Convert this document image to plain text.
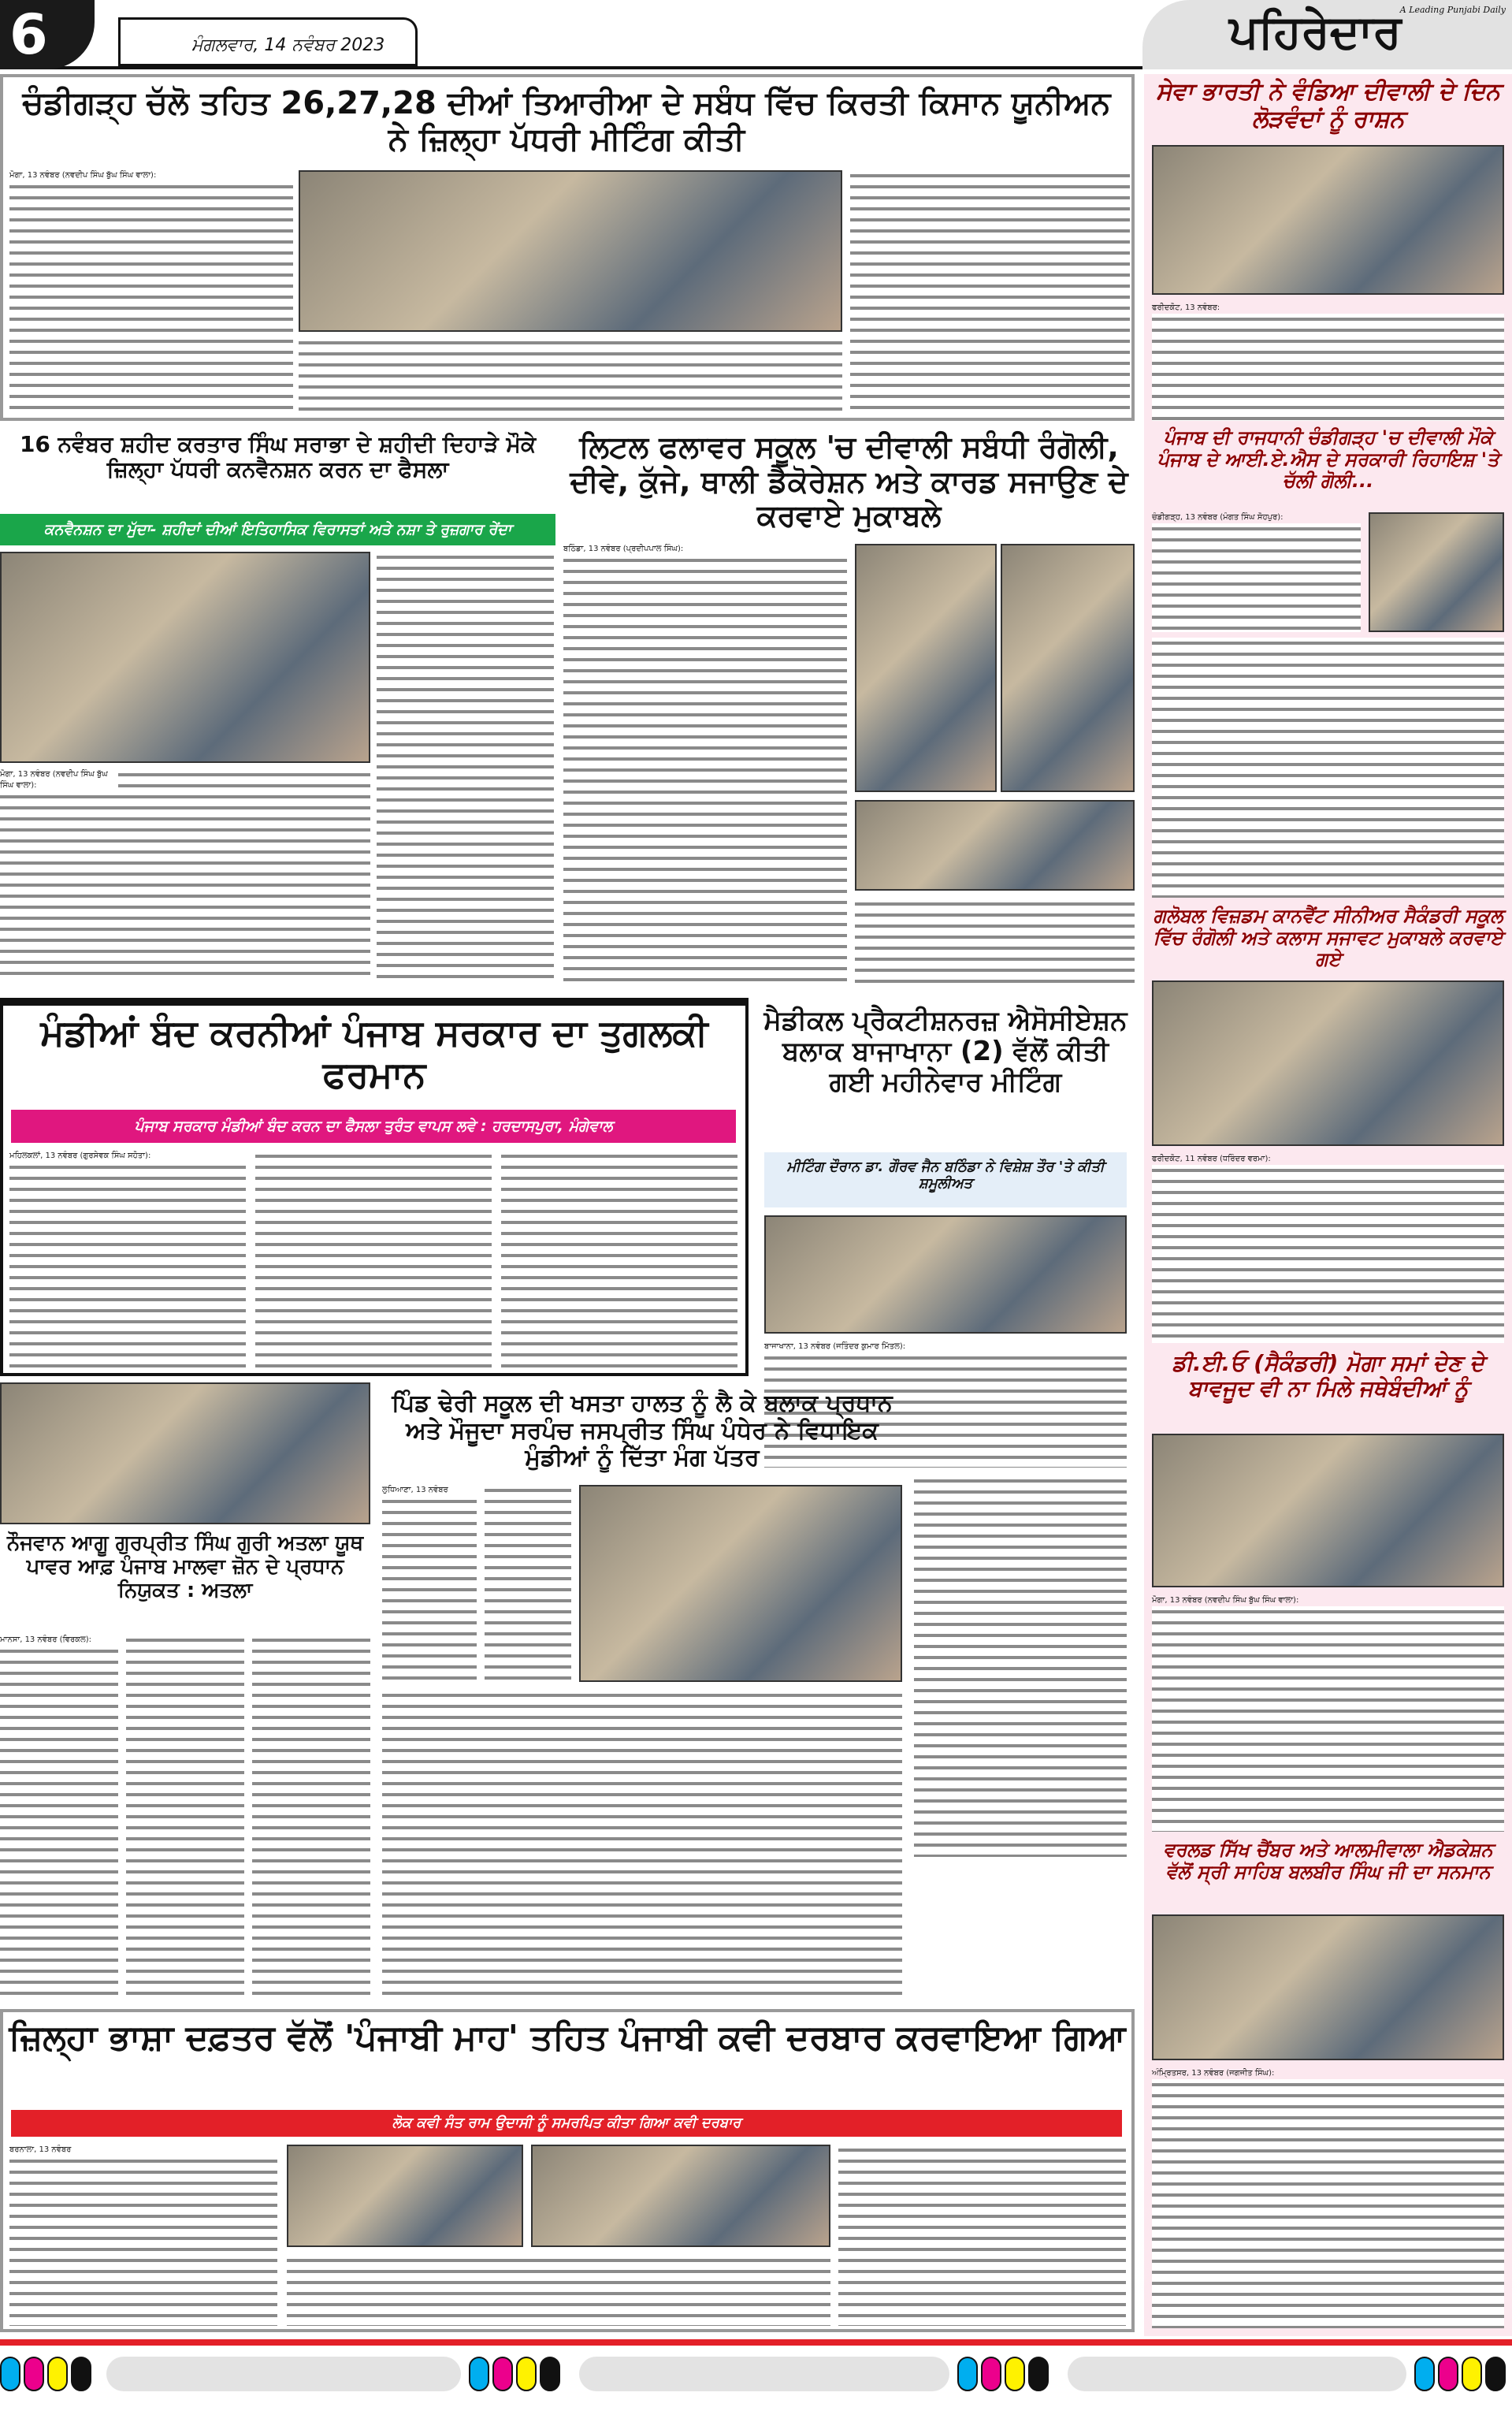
6	ਮੰਗਲਵਾਰ, 14 ਨਵੰਬਰ 2023	ਪਹਿਰੇਦਾਰ
A Leading Punjabi Daily
ਚੰਡੀਗੜ੍ਹ ਚੱਲੋ ਤਹਿਤ 26,27,28 ਦੀਆਂ ਤਿਆਰੀਆ ਦੇ ਸਬੰਧ ਵਿੱਚ ਕਿਰਤੀ ਕਿਸਾਨ ਯੂਨੀਅਨ ਨੇ ਜ਼ਿਲ੍ਹਾ ਪੱਧਰੀ ਮੀਟਿੰਗ ਕੀਤੀ
ਮੋਗਾ, 13 ਨਵੰਬਰ (ਨਵਦੀਪ ਸਿੰਘ ਬੁੱਘ ਸਿੰਘ ਵਾਲਾ):
16 ਨਵੰਬਰ ਸ਼ਹੀਦ ਕਰਤਾਰ ਸਿੰਘ ਸਰਾਭਾ ਦੇ ਸ਼ਹੀਦੀ ਦਿਹਾੜੇ ਮੌਕੇ ਜ਼ਿਲ੍ਹਾ ਪੱਧਰੀ ਕਨਵੈਨਸ਼ਨ ਕਰਨ ਦਾ ਫੈਸਲਾ
ਕਨਵੈਨਸ਼ਨ ਦਾ ਮੁੱਦਾ- ਸ਼ਹੀਦਾਂ ਦੀਆਂ ਇਤਿਹਾਸਿਕ ਵਿਰਾਸਤਾਂ ਅਤੇ ਨਸ਼ਾ ਤੇ ਰੁਜ਼ਗਾਰ ਰੇਂਦਾ
ਮੋਗਾ, 13 ਨਵੰਬਰ (ਨਵਦੀਪ ਸਿੰਘ ਬੁੱਘ ਸਿੰਘ ਵਾਲਾ):
ਲਿਟਲ ਫਲਾਵਰ ਸਕੂਲ 'ਚ ਦੀਵਾਲੀ ਸਬੰਧੀ ਰੰਗੋਲੀ, ਦੀਵੇ, ਕੁੱਜੇ, ਥਾਲੀ ਡੈਕੋਰੇਸ਼ਨ ਅਤੇ ਕਾਰਡ ਸਜਾਉਣ ਦੇ ਕਰਵਾਏ ਮੁਕਾਬਲੇ
ਬਠਿੰਡਾ, 13 ਨਵੰਬਰ (ਪ੍ਰਦੀਪਪਾਲ ਸਿੰਘ):
ਮੰਡੀਆਂ ਬੰਦ ਕਰਨੀਆਂ ਪੰਜਾਬ ਸਰਕਾਰ ਦਾ ਤੁਗਲਕੀ ਫਰਮਾਨ
ਪੰਜਾਬ ਸਰਕਾਰ ਮੰਡੀਆਂ ਬੰਦ ਕਰਨ ਦਾ ਫੈਸਲਾ ਤੁਰੰਤ ਵਾਪਸ ਲਵੇ : ਹਰਦਾਸਪੁਰਾ, ਮੰਗੇਵਾਲ
ਮਹਿਲਕਲਾਂ, 13 ਨਵੰਬਰ (ਗੁਰਸੇਵਕ ਸਿੰਘ ਸਹੋਤਾ):
ਮੈਡੀਕਲ ਪ੍ਰੈਕਟੀਸ਼ਨਰਜ਼ ਐਸੋਸੀਏਸ਼ਨ ਬਲਾਕ ਬਾਜਾਖਾਨਾ (2) ਵੱਲੋਂ ਕੀਤੀ ਗਈ ਮਹੀਨੇਵਾਰ ਮੀਟਿੰਗ
ਮੀਟਿੰਗ ਦੌਰਾਨ ਡਾ. ਗੌਰਵ ਜੈਨ ਬਠਿੰਡਾ ਨੇ ਵਿਸ਼ੇਸ਼ ਤੌਰ 'ਤੇ ਕੀਤੀ ਸ਼ਮੂਲੀਅਤ
ਬਾਜਾਖਾਨਾ, 13 ਨਵੰਬਰ (ਜਤਿੰਦਰ ਕੁਮਾਰ ਮਿੱਤਲ):
ਨੌਜਵਾਨ ਆਗੂ ਗੁਰਪ੍ਰੀਤ ਸਿੰਘ ਗੁਰੀ ਅਤਲਾ ਯੂਥ ਪਾਵਰ ਆਫ਼ ਪੰਜਾਬ ਮਾਲਵਾ ਜ਼ੋਨ ਦੇ ਪ੍ਰਧਾਨ ਨਿਯੁਕਤ : ਅਤਲਾ
ਮਾਨਸਾ, 13 ਨਵੰਬਰ (ਵਿਰਕਲ):
ਪਿੰਡ ਢੇਰੀ ਸਕੂਲ ਦੀ ਖਸਤਾ ਹਾਲਤ ਨੂੰ ਲੈ ਕੇ ਬਲਾਕ ਪ੍ਰਧਾਨ ਅਤੇ ਮੌਜੂਦਾ ਸਰਪੰਚ ਜਸਪ੍ਰੀਤ ਸਿੰਘ ਪੰਧੇਰ ਨੇ ਵਿਧਾਇਕ ਮੁੰਡੀਆਂ ਨੂੰ ਦਿੱਤਾ ਮੰਗ ਪੱਤਰ
ਲੁਧਿਆਣਾ, 13 ਨਵੰਬਰ
ਜ਼ਿਲ੍ਹਾ ਭਾਸ਼ਾ ਦਫ਼ਤਰ ਵੱਲੋਂ 'ਪੰਜਾਬੀ ਮਾਹ' ਤਹਿਤ ਪੰਜਾਬੀ ਕਵੀ ਦਰਬਾਰ ਕਰਵਾਇਆ ਗਿਆ
ਲੋਕ ਕਵੀ ਸੰਤ ਰਾਮ ਉਦਾਸੀ ਨੂੰ ਸਮਰਪਿਤ ਕੀਤਾ ਗਿਆ ਕਵੀ ਦਰਬਾਰ
ਬਰਨਾਲਾ, 13 ਨਵੰਬਰ
ਸੇਵਾ ਭਾਰਤੀ ਨੇ ਵੰਡਿਆ ਦੀਵਾਲੀ ਦੇ ਦਿਨ ਲੋੜਵੰਦਾਂ ਨੂੰ ਰਾਸ਼ਨ
ਫਰੀਦਕੋਟ, 13 ਨਵੰਬਰ:
ਪੰਜਾਬ ਦੀ ਰਾਜਧਾਨੀ ਚੰਡੀਗੜ੍ਹ 'ਚ ਦੀਵਾਲੀ ਮੌਕੇ ਪੰਜਾਬ ਦੇ ਆਈ.ਏ.ਐਸ ਦੇ ਸਰਕਾਰੀ ਰਿਹਾਇਸ਼ 'ਤੇ ਚੱਲੀ ਗੋਲੀ...
ਚੰਡੀਗੜ੍ਹ, 13 ਨਵੰਬਰ (ਮੰਗਤ ਸਿੰਘ ਸੋਹਪੁਰ):
ਗਲੋਬਲ ਵਿਜ਼ਡਮ ਕਾਨਵੈਂਟ ਸੀਨੀਅਰ ਸੈਕੰਡਰੀ ਸਕੂਲ ਵਿੱਚ ਰੰਗੋਲੀ ਅਤੇ ਕਲਾਸ ਸਜਾਵਟ ਮੁਕਾਬਲੇ ਕਰਵਾਏ ਗਏ
ਫਰੀਦਕੋਟ, 11 ਨਵੰਬਰ (ਧਰਿੰਦਰ ਵਰਮਾ):
ਡੀ.ਈ.ਓ (ਸੈਕੰਡਰੀ) ਮੋਗਾ ਸਮਾਂ ਦੇਣ ਦੇ ਬਾਵਜੂਦ ਵੀ ਨਾ ਮਿਲੇ ਜਥੇਬੰਦੀਆਂ ਨੂੰ
ਮੋਗਾ, 13 ਨਵੰਬਰ (ਨਵਦੀਪ ਸਿੰਘ ਬੁੱਘ ਸਿੰਘ ਵਾਲਾ):
ਵਰਲਡ ਸਿੱਖ ਚੈਂਬਰ ਅਤੇ ਆਲਮੀਵਾਲਾ ਐਡਕੇਸ਼ਨ ਵੱਲੋਂ ਸ੍ਰੀ ਸਾਹਿਬ ਬਲਬੀਰ ਸਿੰਘ ਜੀ ਦਾ ਸਨਮਾਨ
ਅੰਮ੍ਰਿਤਸਰ, 13 ਨਵੰਬਰ (ਜਗਜੀਤ ਸਿੰਘ):
